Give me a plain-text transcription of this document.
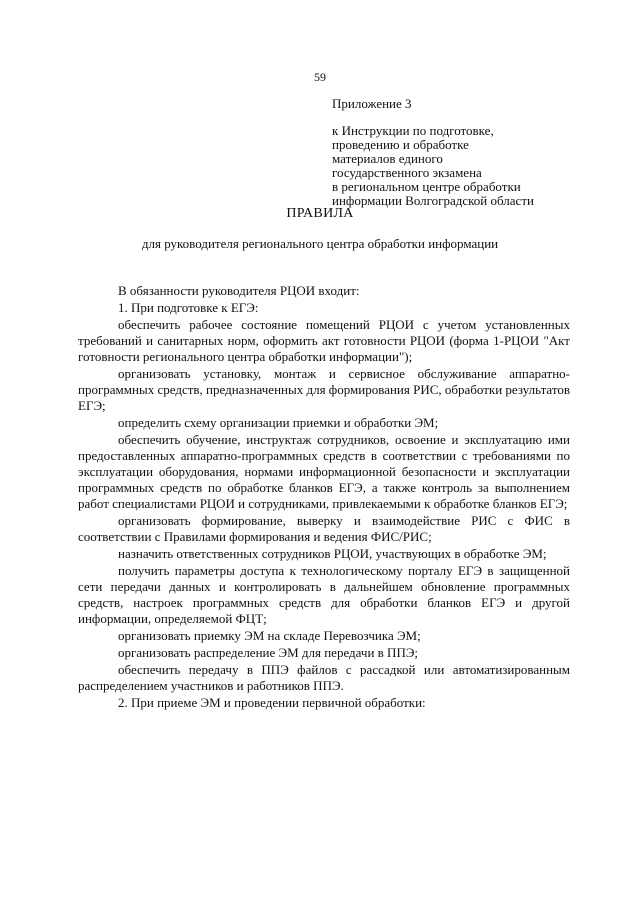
59
Приложение 3
к Инструкции по подготовке,
проведению и обработке
материалов единого
государственного экзамена
в региональном центре обработки
информации Волгоградской области
ПРАВИЛА
для руководителя регионального центра обработки информации

В обязанности руководителя РЦОИ входит:

1. При подготовке к ЕГЭ:

обеспечить рабочее состояние помещений РЦОИ с учетом установленных требований и санитарных норм, оформить акт готовности РЦОИ (форма 1-РЦОИ "Акт готовности регионального центра обработки информации");

организовать установку, монтаж и сервисное обслуживание аппаратно-программных средств, предназначенных для формирования РИС, обработки результатов ЕГЭ;

определить схему организации приемки и обработки ЭМ;

обеспечить обучение, инструктаж сотрудников, освоение и эксплуатацию ими предоставленных аппаратно-программных средств в соответствии с требованиями по эксплуатации оборудования, нормами информационной безопасности и эксплуатации программных средств по обработке бланков ЕГЭ, а также контроль за выполнением работ специалистами РЦОИ и сотрудниками, привлекаемыми к обработке бланков ЕГЭ;

организовать формирование, выверку и взаимодействие РИС с ФИС в соответствии с Правилами формирования и ведения ФИС/РИС;

назначить ответственных сотрудников РЦОИ, участвующих в обработке ЭМ;

получить параметры доступа к технологическому порталу ЕГЭ в защищенной сети передачи данных и контролировать в дальнейшем обновление программных средств, настроек программных средств для обработки бланков ЕГЭ и другой информации, определяемой ФЦТ;

организовать приемку ЭМ на складе Перевозчика ЭМ;

организовать распределение ЭМ для передачи в ППЭ;

обеспечить передачу в ППЭ файлов с рассадкой или автоматизированным распределением участников и работников ППЭ.

2. При приеме ЭМ и проведении первичной обработки:
